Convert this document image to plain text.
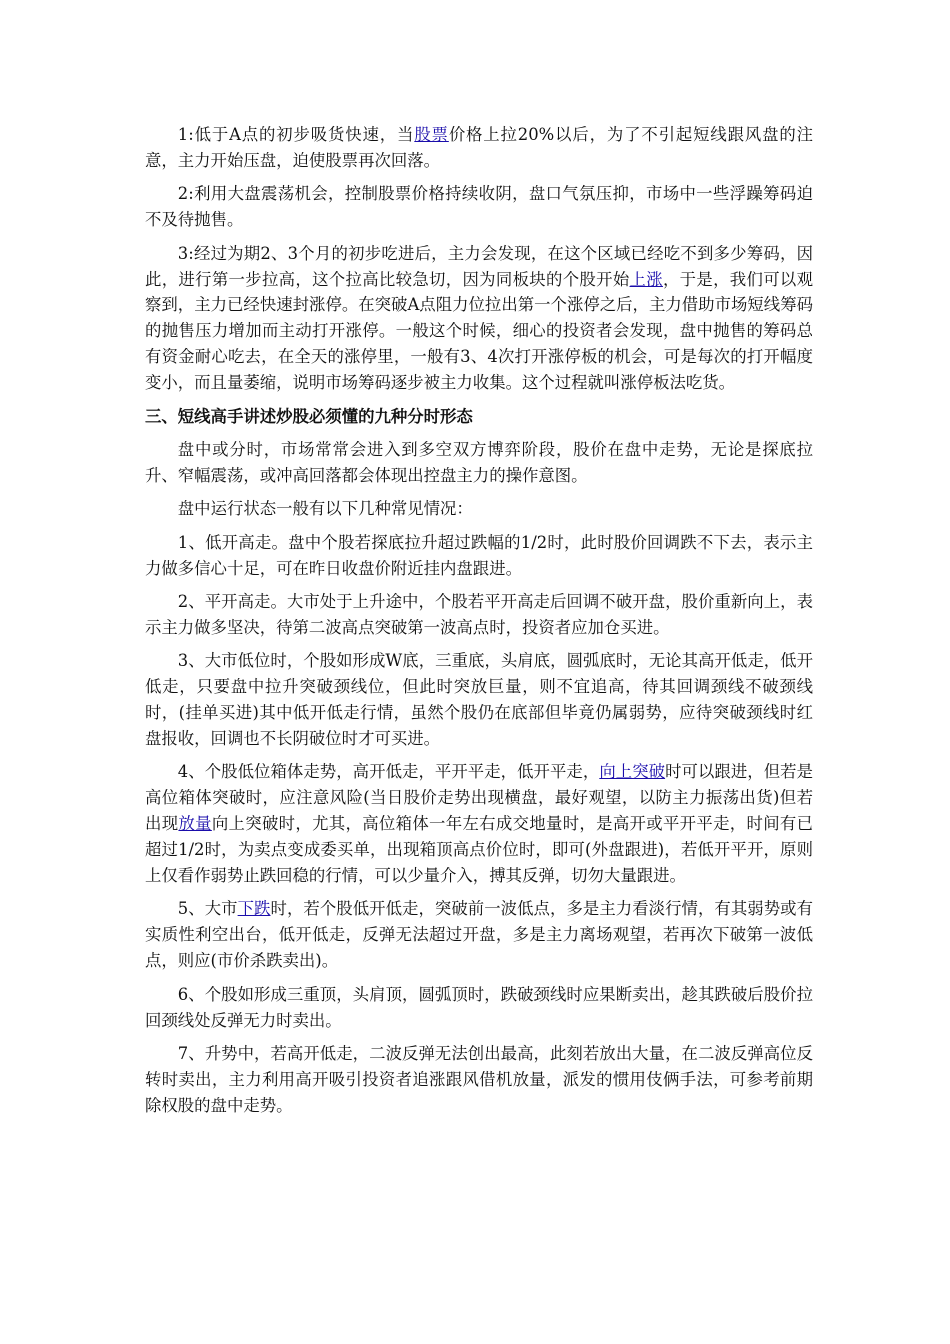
1:低于A点的初步吸货快速，当股票价格上拉20%以后，为了不引起短线跟风盘的注意，主力开始压盘，迫使股票再次回落。

2:利用大盘震荡机会，控制股票价格持续收阴，盘口气氛压抑，市场中一些浮躁筹码迫不及待抛售。

3:经过为期2、3个月的初步吃进后，主力会发现，在这个区域已经吃不到多少筹码，因此，进行第一步拉高，这个拉高比较急切，因为同板块的个股开始上涨，于是，我们可以观察到，主力已经快速封涨停。在突破A点阻力位拉出第一个涨停之后，主力借助市场短线筹码的抛售压力增加而主动打开涨停。一般这个时候，细心的投资者会发现，盘中抛售的筹码总有资金耐心吃去，在全天的涨停里，一般有3、4次打开涨停板的机会，可是每次的打开幅度变小，而且量萎缩，说明市场筹码逐步被主力收集。这个过程就叫涨停板法吃货。

三、短线高手讲述炒股必须懂的九种分时形态

盘中或分时，市场常常会进入到多空双方博弈阶段，股价在盘中走势，无论是探底拉升、窄幅震荡，或冲高回落都会体现出控盘主力的操作意图。

盘中运行状态一般有以下几种常见情况：

1、低开高走。盘中个股若探底拉升超过跌幅的1/2时，此时股价回调跌不下去，表示主力做多信心十足，可在昨日收盘价附近挂内盘跟进。

2、平开高走。大市处于上升途中，个股若平开高走后回调不破开盘，股价重新向上，表示主力做多坚决，待第二波高点突破第一波高点时，投资者应加仓买进。

3、大市低位时，个股如形成W底，三重底，头肩底，圆弧底时，无论其高开低走，低开低走，只要盘中拉升突破颈线位，但此时突放巨量，则不宜追高，待其回调颈线不破颈线时，(挂单买进)其中低开低走行情，虽然个股仍在底部但毕竟仍属弱势，应待突破颈线时红盘报收，回调也不长阴破位时才可买进。

4、个股低位箱体走势，高开低走，平开平走，低开平走，向上突破时可以跟进，但若是高位箱体突破时，应注意风险(当日股价走势出现横盘，最好观望，以防主力振荡出货)但若出现放量向上突破时，尤其，高位箱体一年左右成交地量时，是高开或平开平走，时间有已超过1/2时，为卖点变成委买单，出现箱顶高点价位时，即可(外盘跟进)，若低开平开，原则上仅看作弱势止跌回稳的行情，可以少量介入，搏其反弹，切勿大量跟进。

5、大市下跌时，若个股低开低走，突破前一波低点，多是主力看淡行情，有其弱势或有实质性利空出台，低开低走，反弹无法超过开盘，多是主力离场观望，若再次下破第一波低点，则应(市价杀跌卖出)。

6、个股如形成三重顶，头肩顶，圆弧顶时，跌破颈线时应果断卖出，趁其跌破后股价拉回颈线处反弹无力时卖出。

7、升势中，若高开低走，二波反弹无法创出最高，此刻若放出大量，在二波反弹高位反转时卖出，主力利用高开吸引投资者追涨跟风借机放量，派发的惯用伎俩手法，可参考前期除权股的盘中走势。
